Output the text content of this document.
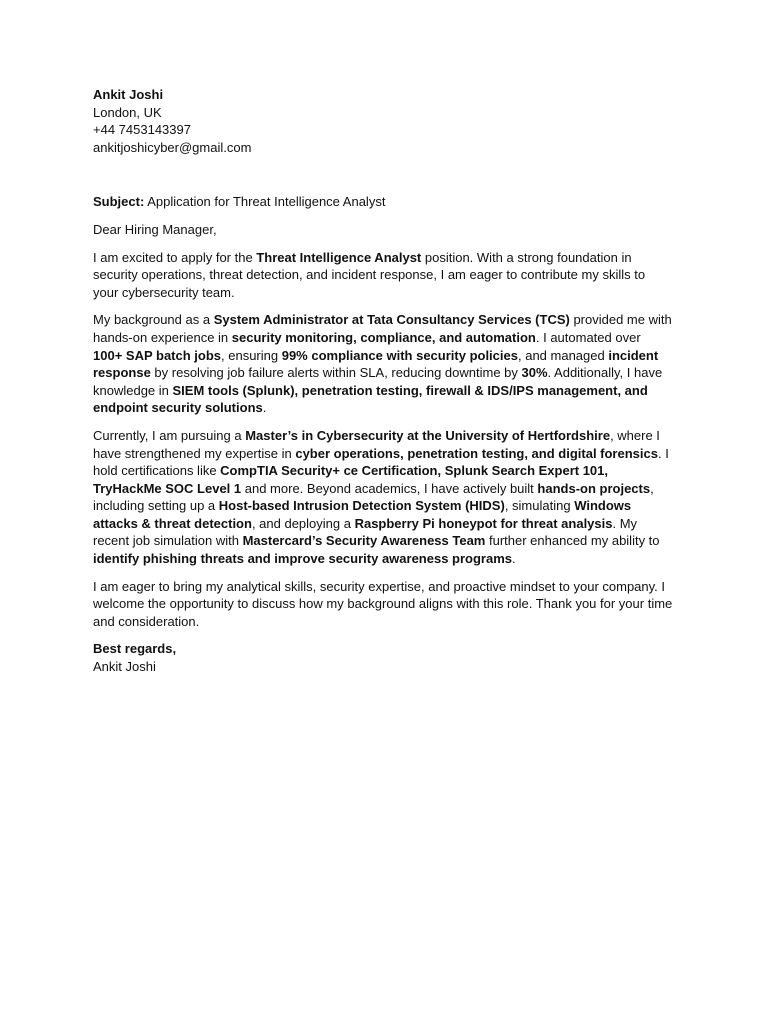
Ankit Joshi

London, UK

+44 7453143397

ankitjoshicyber@gmail.com

Subject: Application for Threat Intelligence Analyst

Dear Hiring Manager,

I am excited to apply for the Threat Intelligence Analyst position. With a strong foundation in security operations, threat detection, and incident response, I am eager to contribute my skills to your cybersecurity team.

My background as a System Administrator at Tata Consultancy Services (TCS) provided me with hands-on experience in security monitoring, compliance, and automation. I automated over 100+ SAP batch jobs, ensuring 99% compliance with security policies, and managed incident response by resolving job failure alerts within SLA, reducing downtime by 30%. Additionally, I have knowledge in SIEM tools (Splunk), penetration testing, firewall & IDS/IPS management, and endpoint security solutions.

Currently, I am pursuing a Master’s in Cybersecurity at the University of Hertfordshire, where I have strengthened my expertise in cyber operations, penetration testing, and digital forensics. I hold certifications like CompTIA Security+ ce Certification, Splunk Search Expert 101, TryHackMe SOC Level 1 and more. Beyond academics, I have actively built hands-on projects, including setting up a Host-based Intrusion Detection System (HIDS), simulating Windows attacks & threat detection, and deploying a Raspberry Pi honeypot for threat analysis. My recent job simulation with Mastercard’s Security Awareness Team further enhanced my ability to identify phishing threats and improve security awareness programs.

I am eager to bring my analytical skills, security expertise, and proactive mindset to your company. I welcome the opportunity to discuss how my background aligns with this role. Thank you for your time and consideration.

Best regards,

Ankit Joshi
